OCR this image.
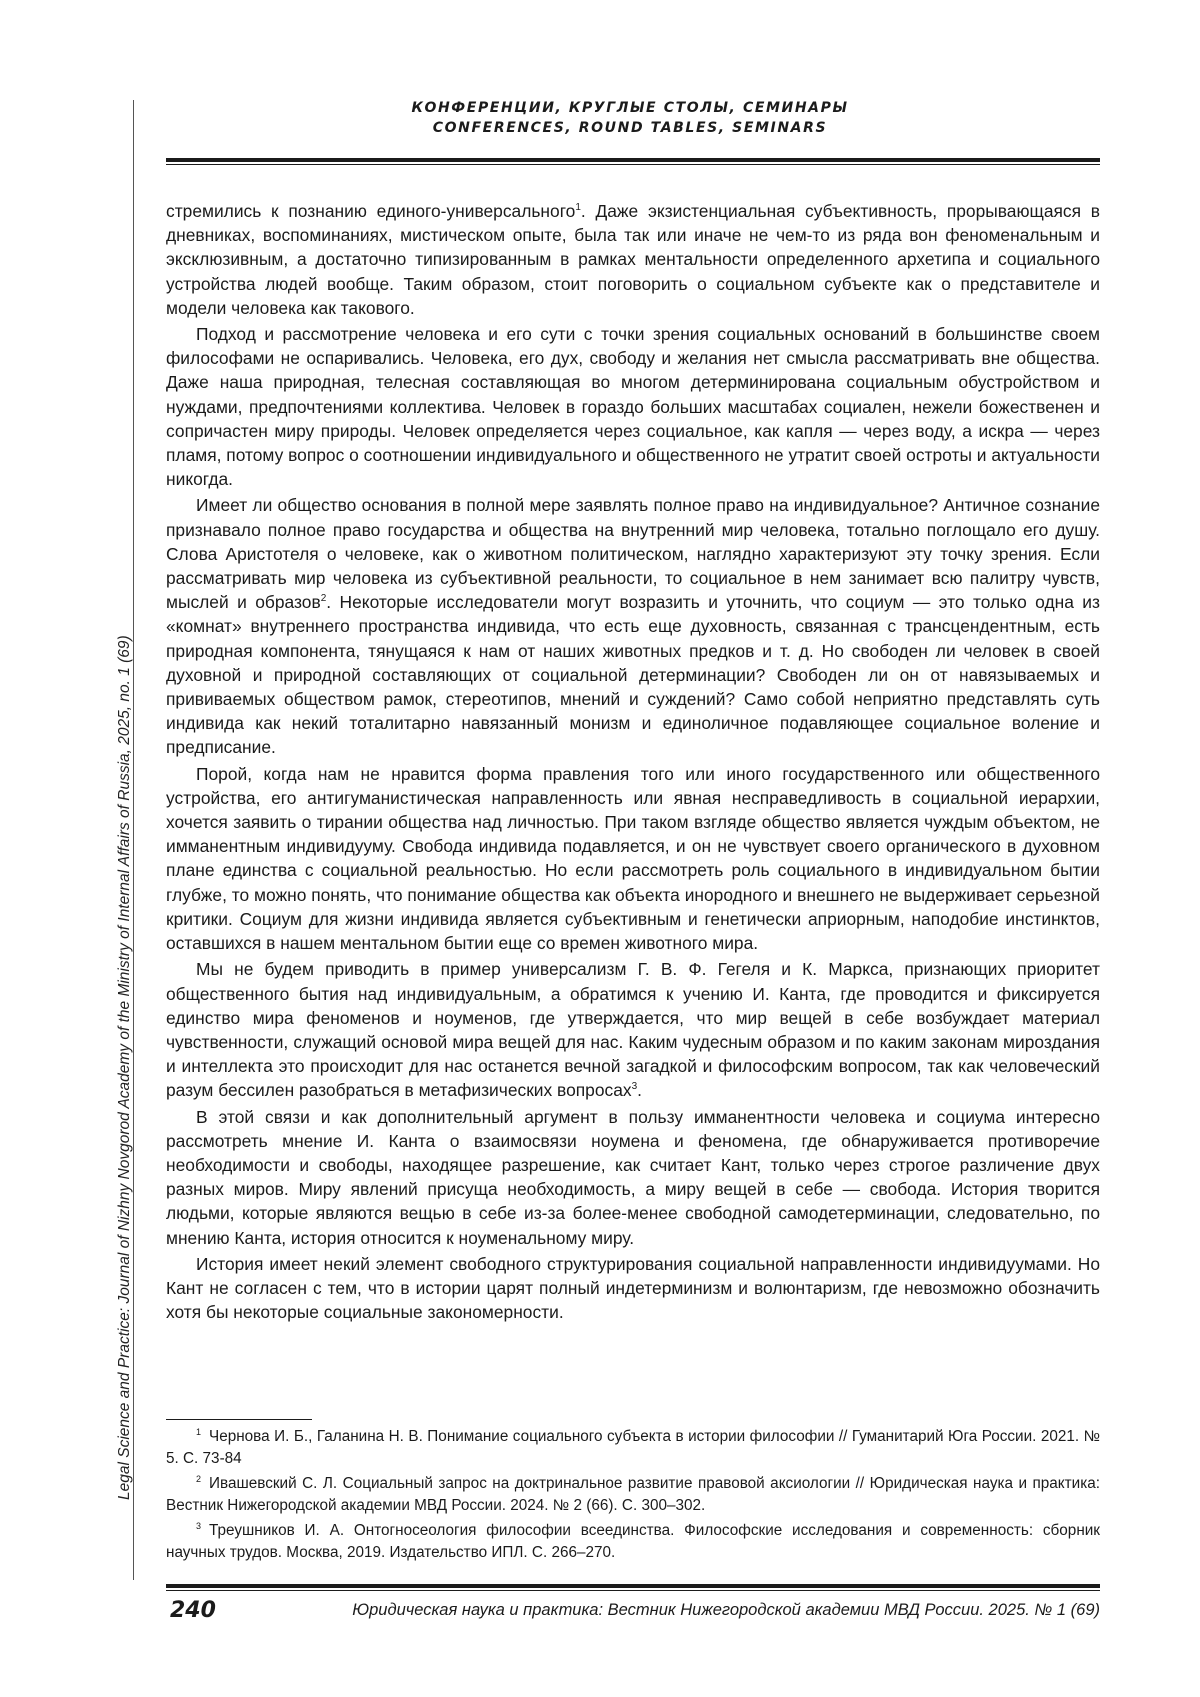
Legal Science and Practice: Journal of Nizhny Novgorod Academy of the Ministry of Internal Affairs of Russia, 2025, no. 1 (69)
КОНФЕРЕНЦИИ, КРУГЛЫЕ СТОЛЫ, СЕМИНАРЫ
CONFERENCES, ROUND TABLES, SEMINARS

стремились к познанию единого-универсального$^1$. Даже экзистенциальная субъективность, прорывающаяся в дневниках, воспоминаниях, мистическом опыте, была так или иначе не чем-то из ряда вон феноменальным и эксклюзивным, а достаточно типизированным в рамках ментальности определенного архетипа и социального устройства людей вообще. Таким образом, стоит поговорить о социальном субъекте как о представителе и модели человека как такового.

Подход и рассмотрение человека и его сути с точки зрения социальных оснований в большинстве своем философами не оспаривались. Человека, его дух, свободу и желания нет смысла рассматривать вне общества. Даже наша природная, телесная составляющая во многом детерминирована социальным обустройством и нуждами, предпочтениями коллектива. Человек в гораздо больших масштабах социален, нежели божественен и сопричастен миру природы. Человек определяется через социальное, как капля — через воду, а искра — через пламя, потому вопрос о соотношении индивидуального и общественного не утратит своей остроты и актуальности никогда.

Имеет ли общество основания в полной мере заявлять полное право на индивидуальное? Античное сознание признавало полное право государства и общества на внутренний мир человека, тотально поглощало его душу. Слова Аристотеля о человеке, как о животном политическом, наглядно характеризуют эту точку зрения. Если рассматривать мир человека из субъективной реальности, то социальное в нем занимает всю палитру чувств, мыслей и образов$^2$. Некоторые исследователи могут возразить и уточнить, что социум — это только одна из «комнат» внутреннего пространства индивида, что есть еще духовность, связанная с трансцендентным, есть природная компонента, тянущаяся к нам от наших животных предков и т. д. Но свободен ли человек в своей духовной и природной составляющих от социальной детерминации? Свободен ли он от навязываемых и прививаемых обществом рамок, стереотипов, мнений и суждений? Само собой неприятно представлять суть индивида как некий тоталитарно навязанный монизм и единоличное подавляющее социальное воление и предписание.

Порой, когда нам не нравится форма правления того или иного государственного или общественного устройства, его антигуманистическая направленность или явная несправедливость в социальной иерархии, хочется заявить о тирании общества над личностью. При таком взгляде общество является чуждым объектом, не имманентным индивидууму. Свобода индивида подавляется, и он не чувствует своего органического в духовном плане единства с социальной реальностью. Но если рассмотреть роль социального в индивидуальном бытии глубже, то можно понять, что понимание общества как объекта инородного и внешнего не выдерживает серьезной критики. Социум для жизни индивида является субъективным и генетически априорным, наподобие инстинктов, оставшихся в нашем ментальном бытии еще со времен животного мира.

Мы не будем приводить в пример универсализм Г. В. Ф. Гегеля и К. Маркса, признающих приоритет общественного бытия над индивидуальным, а обратимся к учению И. Канта, где проводится и фиксируется единство мира феноменов и ноуменов, где утверждается, что мир вещей в себе возбуждает материал чувственности, служащий основой мира вещей для нас. Каким чудесным образом и по каким законам мироздания и интеллекта это происходит для нас останется вечной загадкой и философским вопросом, так как человеческий разум бессилен разобраться в метафизических вопросах$^3$.

В этой связи и как дополнительный аргумент в пользу имманентности человека и социума интересно рассмотреть мнение И. Канта о взаимосвязи ноумена и феномена, где обнаруживается противоречие необходимости и свободы, находящее разрешение, как считает Кант, только через строгое различение двух разных миров. Миру явлений присуща необходимость, а миру вещей в себе — свобода. История творится людьми, которые являются вещью в себе из-за более-менее свободной самодетерминации, следовательно, по мнению Канта, история относится к ноуменальному миру.

История имеет некий элемент свободного структурирования социальной направленности индивидуумами. Но Кант не согласен с тем, что в истории царят полный индетерминизм и волюнтаризм, где невозможно обозначить хотя бы некоторые социальные закономерности.

$^1$ Чернова И. Б., Галанина Н. В. Понимание социального субъекта в истории философии // Гуманитарий Юга России. 2021. № 5. С. 73-84

$^2$ Ивашевский С. Л. Социальный запрос на доктринальное развитие правовой аксиологии // Юридическая наука и практика: Вестник Нижегородской академии МВД России. 2024. № 2 (66). С. 300–302.

$^3$ Треушников И. А. Онтогносеология философии всеединства. Философские исследования и современность: сборник научных трудов. Москва, 2019. Издательство ИПЛ. С. 266–270.

240	Юридическая наука и практика: Вестник Нижегородской академии МВД России. 2025. № 1 (69)
